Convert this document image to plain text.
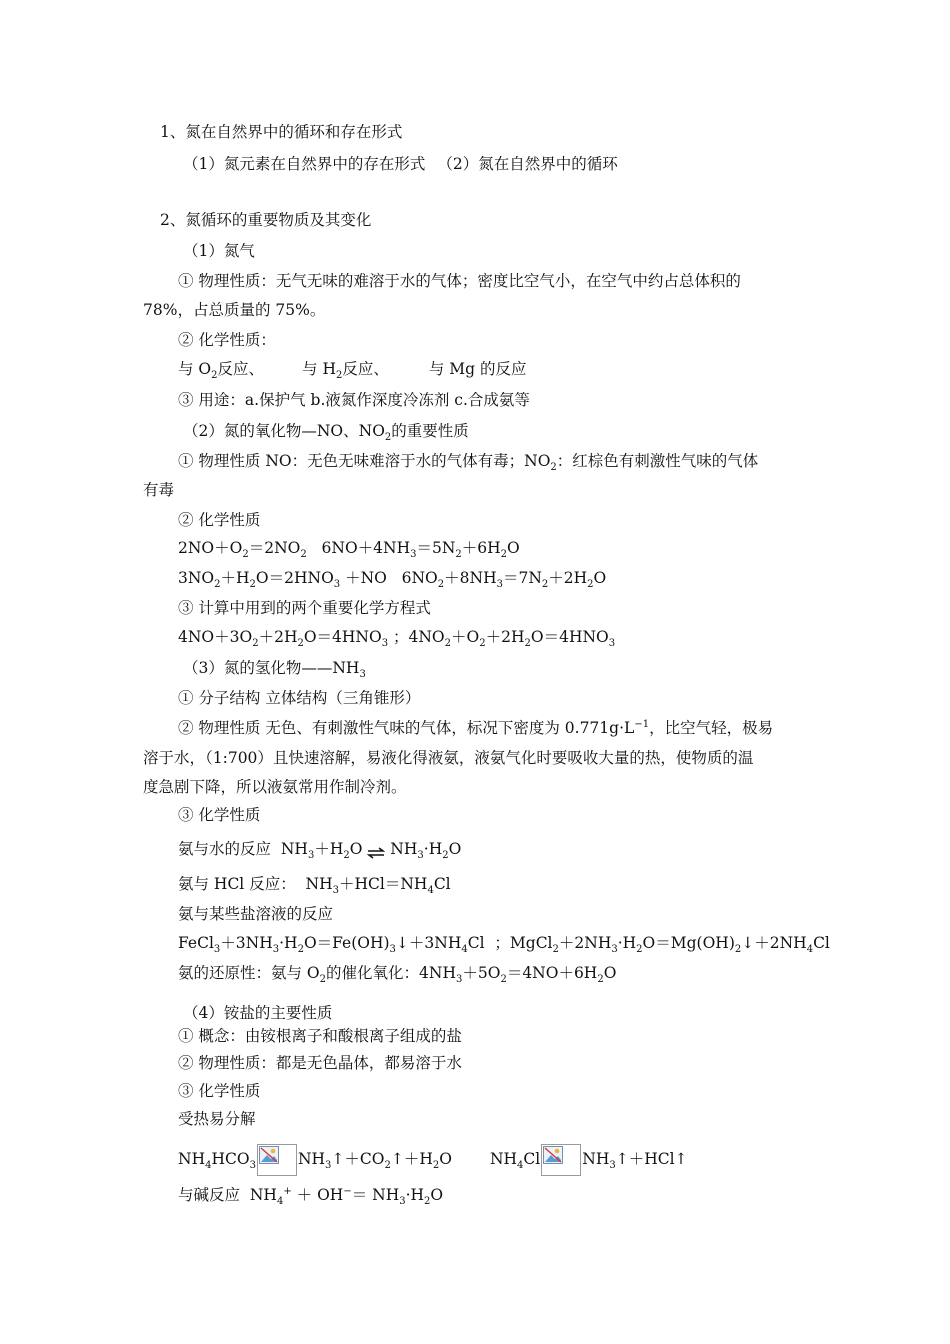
1、氮在自然界中的循环和存在形式
（1）氮元素在自然界中的存在形式 （2）氮在自然界中的循环
2、氮循环的重要物质及其变化
（1）氮气
① 物理性质：无气无味的难溶于水的气体；密度比空气小，在空气中约占总体积的
78%，占总质量的 75%。
② 化学性质：
与 $O_2$反应、 与 $H_2$反应、	与 Mg 的反应
③ 用途：a.保护气 b.液氮作深度冷冻剂 c.合成氨等
（2）氮的氧化物—NO、$NO_2$的重要性质
① 物理性质 NO：无色无味难溶于水的气体有毒；$NO_2$：红棕色有刺激性气味的气体
有毒
② 化学性质
$2NO+O_2=2NO_2$   $6NO+4NH_3=5N_2+6H_2O$
$3NO_2+H_2O=2HNO_3 +NO$   $6NO_2+8NH_3=7N_2+2H_2O$
③ 计算中用到的两个重要化学方程式
$4NO+3O_2+2H_2O=4HNO_3$ ；$4NO_2+O_2+2H_2O=4HNO_3$
（3）氮的氢化物$——NH_3$
① 分子结构 立体结构（三角锥形）
② 物理性质 无色、有刺激性气味的气体，标况下密度为 $0.771g\cdot L^{-1}$，比空气轻，极易
溶于水，（1:700）且快速溶解，易液化得液氨，液氨气化时要吸收大量的热，使物质的温
度急剧下降，所以液氨常用作制冷剂。
③ 化学性质
氨与水的反应  $NH_3+H_2O$ ⇌ $NH_3\cdot H_2O$
氨与 HCl 反应：  $NH_3+HCl=NH_4Cl$
氨与某些盐溶液的反应
$FeCl_3+3NH_3\cdot H_2O=Fe(OH)_3↓+3NH_4Cl$  ；$MgCl_2+2NH_3\cdot H_2O=Mg(OH)_2↓+2NH_4Cl$
氨的还原性：氨与 $O_2$的催化氧化：$4NH_3+5O_2=4NO+6H_2O$
（4）铵盐的主要性质
① 概念：由铵根离子和酸根离子组成的盐
② 物理性质：都是无色晶体，都易溶于水
③ 化学性质
受热易分解
$NH_4HCO_3$	$NH_3↑+CO_2↑+H_2O$ $NH_4Cl$	$NH_3↑+HCl↑$
与碱反应  $NH_4^+ + OH^-= NH_3\cdot H_2O$
